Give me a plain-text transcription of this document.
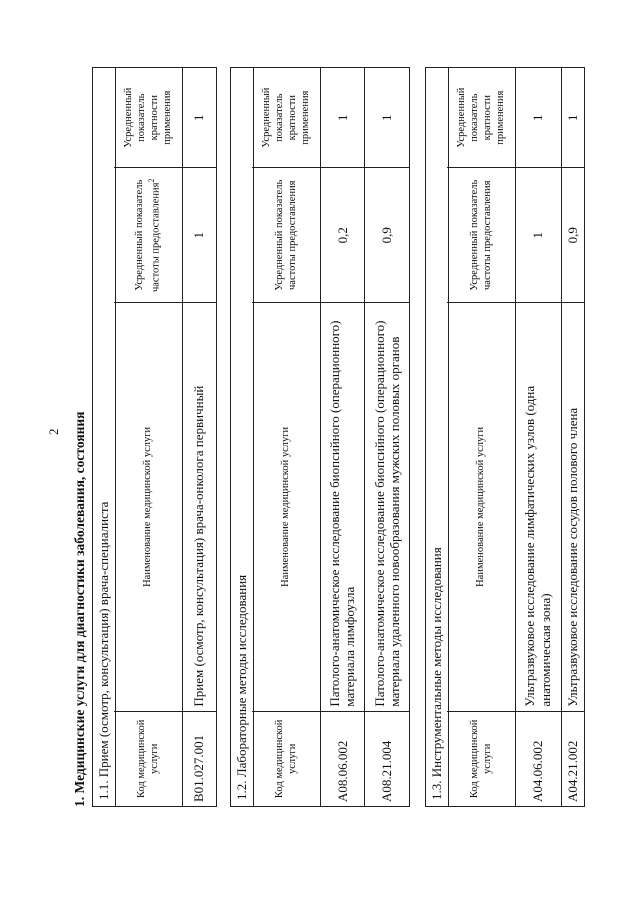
2 1. Медицинские услуги для диагностики заболевания, состояния 1.1. Прием (осмотр, консультация) врача-специалиста	Код медицинской услуги	Наименование медицинской услуги	Усредненный показатель частоты предоставления$^2$	Усредненный показатель кратности применения
B01.027.001	Прием (осмотр, консультация) врача-онколога первичный	1	1
1.2. Лабораторные методы исследования	Код медицинской услуги	Наименование медицинской услуги	Усредненный показатель частоты предоставления	Усредненный показатель кратности применения
A08.06.002	Патолого-анатомическое исследование биопсийного (операционного) материала лимфоузла	0,2	1
A08.21.004	Патолого-анатомическое исследование биопсийного (операционного) материала удаленного новообразования мужских половых органов	0,9	1
1.3. Инструментальные методы исследования	Код медицинской услуги	Наименование медицинской услуги	Усредненный показатель частоты предоставления	Усредненный показатель кратности применения
A04.06.002	Ультразвуковое исследование лимфатических узлов (одна анатомическая зона)	1	1
A04.21.002	Ультразвуковое исследование сосудов полового члена	0,9	1
